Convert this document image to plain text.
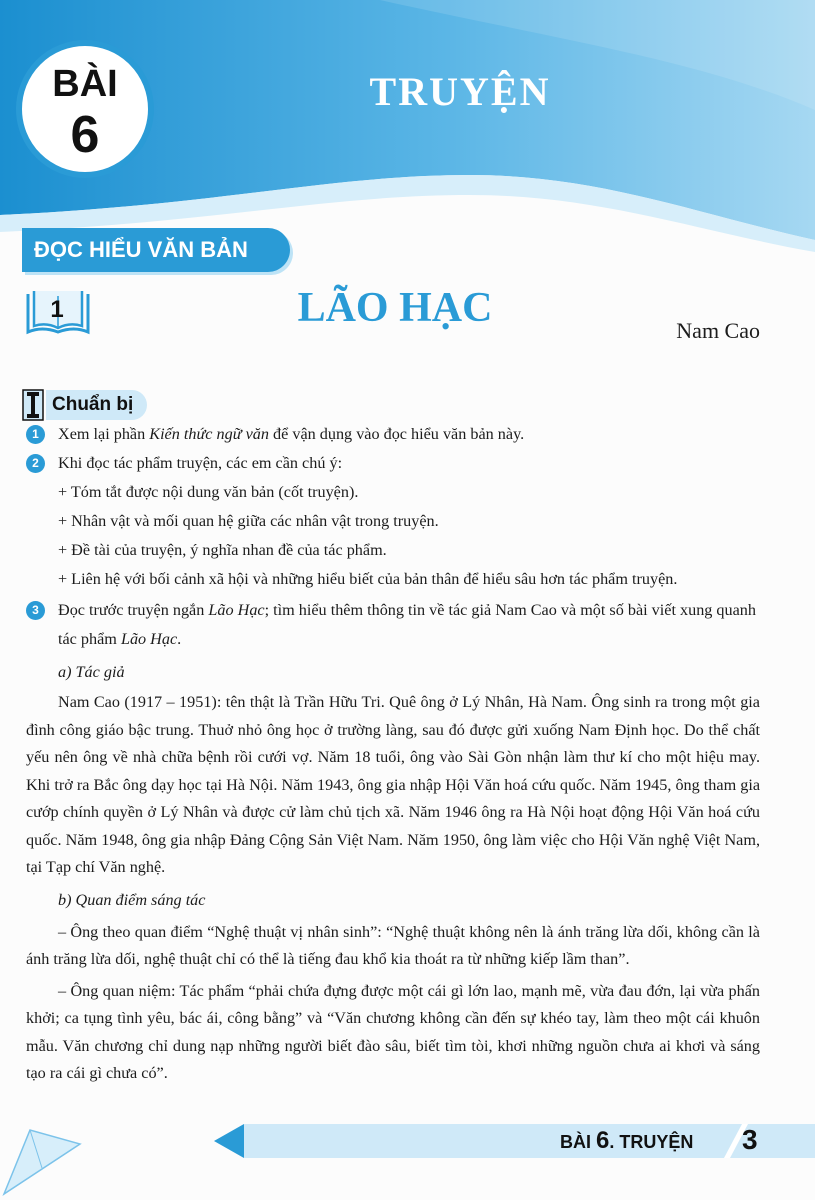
BÀI
6
TRUYỆN
ĐỌC HIỂU VĂN BẢN
1	LÃO HẠC	Nam Cao
Chuẩn bị
1	Xem lại phần Kiến thức ngữ văn để vận dụng vào đọc hiểu văn bản này.
2	Khi đọc tác phẩm truyện, các em cần chú ý:
+ Tóm tắt được nội dung văn bản (cốt truyện).
+ Nhân vật và mối quan hệ giữa các nhân vật trong truyện.
+ Đề tài của truyện, ý nghĩa nhan đề của tác phẩm.
+ Liên hệ với bối cảnh xã hội và những hiểu biết của bản thân để hiểu sâu hơn tác phẩm truyện.
3	Đọc trước truyện ngắn Lão Hạc; tìm hiểu thêm thông tin về tác giả Nam Cao và một số bài viết xung quanh tác phẩm Lão Hạc.
a) Tác giả
Nam Cao (1917 – 1951): tên thật là Trần Hữu Tri. Quê ông ở Lý Nhân, Hà Nam. Ông sinh ra trong một gia đình công giáo bậc trung. Thuở nhỏ ông học ở trường làng, sau đó được gửi xuống Nam Định học. Do thể chất yếu nên ông về nhà chữa bệnh rồi cưới vợ. Năm 18 tuổi, ông vào Sài Gòn nhận làm thư kí cho một hiệu may. Khi trở ra Bắc ông dạy học tại Hà Nội. Năm 1943, ông gia nhập Hội Văn hoá cứu quốc. Năm 1945, ông tham gia cướp chính quyền ở Lý Nhân và được cử làm chủ tịch xã. Năm 1946 ông ra Hà Nội hoạt động Hội Văn hoá cứu quốc. Năm 1948, ông gia nhập Đảng Cộng Sản Việt Nam. Năm 1950, ông làm việc cho Hội Văn nghệ Việt Nam, tại Tạp chí Văn nghệ.
b) Quan điểm sáng tác
– Ông theo quan điểm “Nghệ thuật vị nhân sinh”: “Nghệ thuật không nên là ánh trăng lừa dối, không cần là ánh trăng lừa dối, nghệ thuật chỉ có thể là tiếng đau khổ kia thoát ra từ những kiếp lầm than”.
– Ông quan niệm: Tác phẩm “phải chứa đựng được một cái gì lớn lao, mạnh mẽ, vừa đau đớn, lại vừa phấn khởi; ca tụng tình yêu, bác ái, công bằng” và “Văn chương không cần đến sự khéo tay, làm theo một cái khuôn mẫu. Văn chương chỉ dung nạp những người biết đào sâu, biết tìm tòi, khơi những nguồn chưa ai khơi và sáng tạo ra cái gì chưa có”.
BÀI 6. TRUYỆN 3
